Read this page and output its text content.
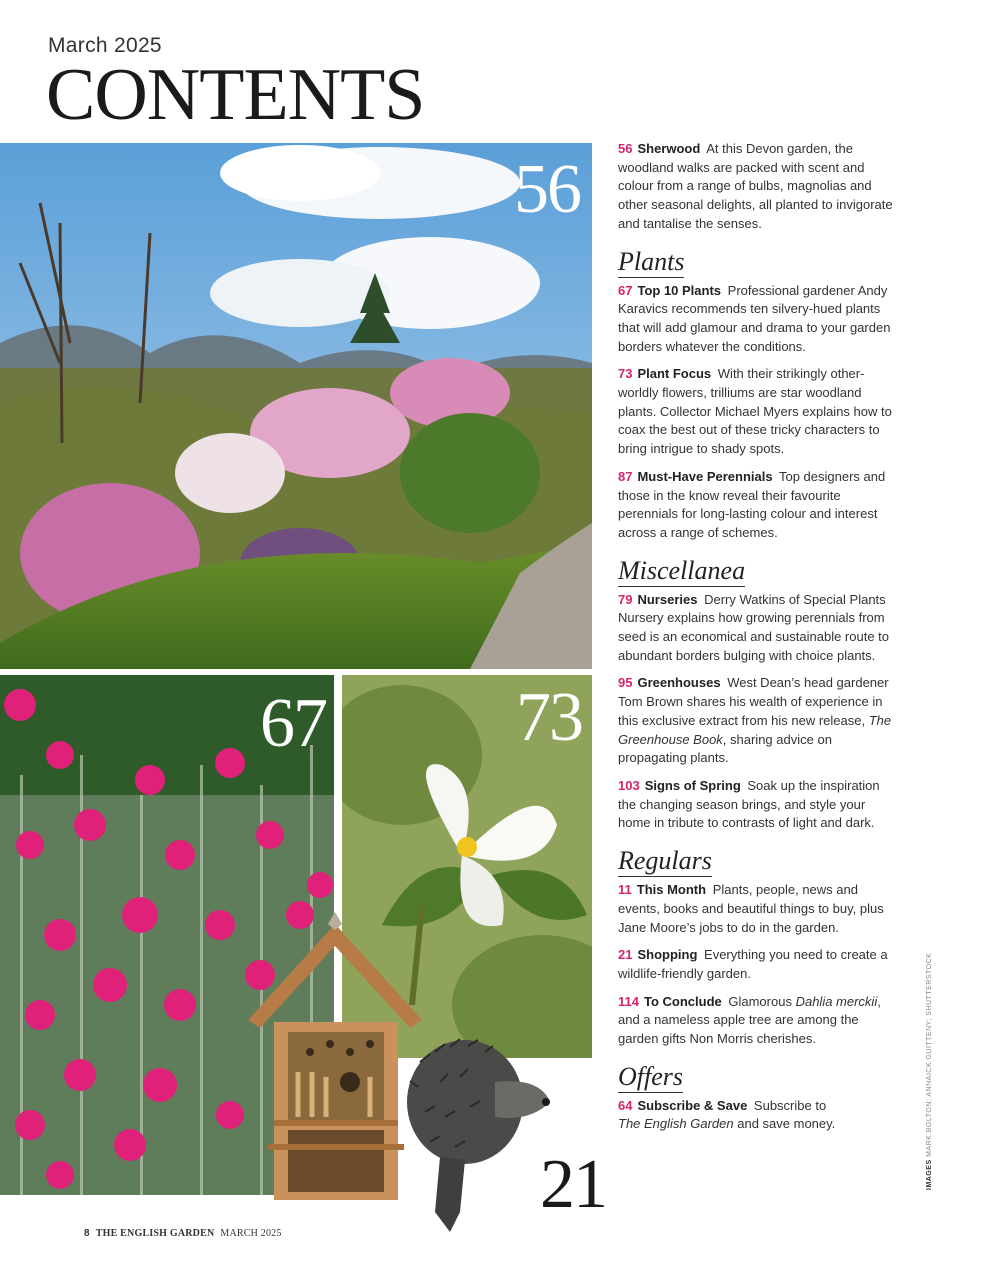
March 2025
CONTENTS
56
67	73
21
56 Sherwood At this Devon garden, the woodland walks are packed with scent and colour from a range of bulbs, magnolias and other seasonal delights, all planted to invigorate and tantalise the senses.
Plants
67 Top 10 Plants Professional gardener Andy Karavics recommends ten silvery-hued plants that will add glamour and drama to your garden borders whatever the conditions.
73 Plant Focus With their strikingly other-worldly flowers, trilliums are star woodland plants. Collector Michael Myers explains how to coax the best out of these tricky characters to bring intrigue to shady spots.
87 Must-Have Perennials Top designers and those in the know reveal their favourite perennials for long-lasting colour and interest across a range of schemes.
Miscellanea
79 Nurseries Derry Watkins of Special Plants Nursery explains how growing perennials from seed is an economical and sustainable route to abundant borders bulging with choice plants.
95 Greenhouses West Dean’s head gardener Tom Brown shares his wealth of experience in this exclusive extract from his new release, The Greenhouse Book, sharing advice on propagating plants.
103 Signs of Spring Soak up the inspiration the changing season brings, and style your home in tribute to contrasts of light and dark.
Regulars
11 This Month Plants, people, news and events, books and beautiful things to buy, plus Jane Moore’s jobs to do in the garden.
21 Shopping Everything you need to create a wildlife-friendly garden.
114 To Conclude Glamorous Dahlia merckii, and a nameless apple tree are among the garden gifts Non Morris cherishes.
Offers
64 Subscribe & Save Subscribe to
The English Garden and save money.
IMAGES MARK BOLTON; ANNAICK GUITTENY; SHUTTERSTOCK
8 THE ENGLISH GARDEN MARCH 2025
